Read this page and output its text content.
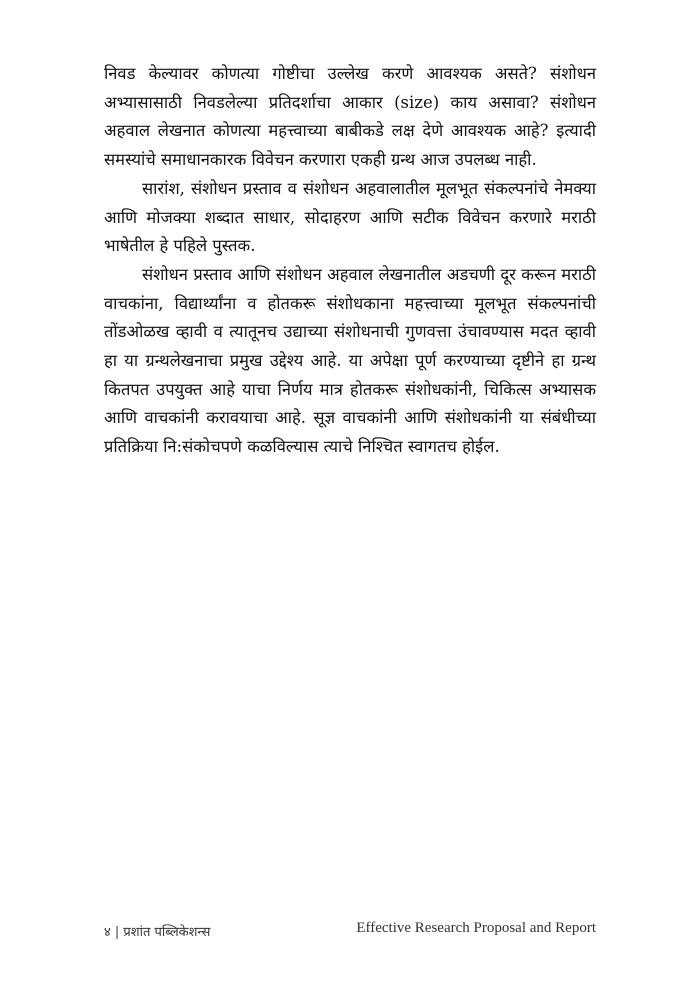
निवड केल्यावर कोणत्या गोष्टीचा उल्लेख करणे आवश्यक असते? संशोधन अभ्यासासाठी निवडलेल्या प्रतिदर्शाचा आकार (size) काय असावा? संशोधन अहवाल लेखनात कोणत्या महत्त्वाच्या बाबीकडे लक्ष देणे आवश्यक आहे? इत्यादी समस्यांचे समाधानकारक विवेचन करणारा एकही ग्रन्थ आज उपलब्ध नाही.

सारांश, संशोधन प्रस्ताव व संशोधन अहवालातील मूलभूत संकल्पनांचे नेमक्या आणि मोजक्या शब्दात साधार, सोदाहरण आणि सटीक विवेचन करणारे मराठी भाषेतील हे पहिले पुस्तक.

संशोधन प्रस्ताव आणि संशोधन अहवाल लेखनातील अडचणी दूर करून मराठी वाचकांना, विद्यार्थ्यांना व होतकरू संशोधकाना महत्त्वाच्या मूलभूत संकल्पनांची तोंडओळख व्हावी व त्यातूनच उद्याच्या संशोधनाची गुणवत्ता उंचावण्यास मदत व्हावी हा या ग्रन्थलेखनाचा प्रमुख उद्देश्य आहे. या अपेक्षा पूर्ण करण्याच्या दृष्टीने हा ग्रन्थ कितपत उपयुक्त आहे याचा निर्णय मात्र होतकरू संशोधकांनी, चिकित्स अभ्यासक आणि वाचकांनी करावयाचा आहे. सूज्ञ वाचकांनी आणि संशोधकांनी या संबंधीच्या प्रतिक्रिया नि:संकोचपणे कळविल्यास त्याचे निश्चित स्वागतच होईल.

४ | प्रशांत पब्लिकेशन्स	Effective Research Proposal and Report
